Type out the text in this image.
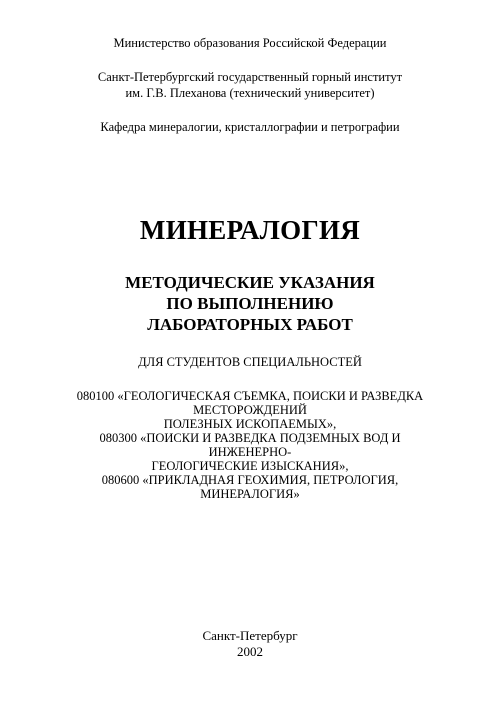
Министерство образования Российской Федерации

Санкт-Петербургский государственный горный институт

им. Г.В. Плеханова (технический университет)

Кафедра минералогии, кристаллографии и петрографии

МИНЕРАЛОГИЯ
МЕТОДИЧЕСКИЕ УКАЗАНИЯ
ПО ВЫПОЛНЕНИЮ
ЛАБОРАТОРНЫХ РАБОТ

ДЛЯ СТУДЕНТОВ СПЕЦИАЛЬНОСТЕЙ

080100 «ГЕОЛОГИЧЕСКАЯ СЪЕМКА, ПОИСКИ И РАЗВЕДКА

МЕСТОРОЖДЕНИЙ

ПОЛЕЗНЫХ ИСКОПАЕМЫХ»,

080300 «ПОИСКИ И РАЗВЕДКА ПОДЗЕМНЫХ ВОД И

ИНЖЕНЕРНО-

ГЕОЛОГИЧЕСКИЕ ИЗЫСКАНИЯ»,

080600 «ПРИКЛАДНАЯ ГЕОХИМИЯ, ПЕТРОЛОГИЯ,

МИНЕРАЛОГИЯ»

Санкт-Петербург

2002
